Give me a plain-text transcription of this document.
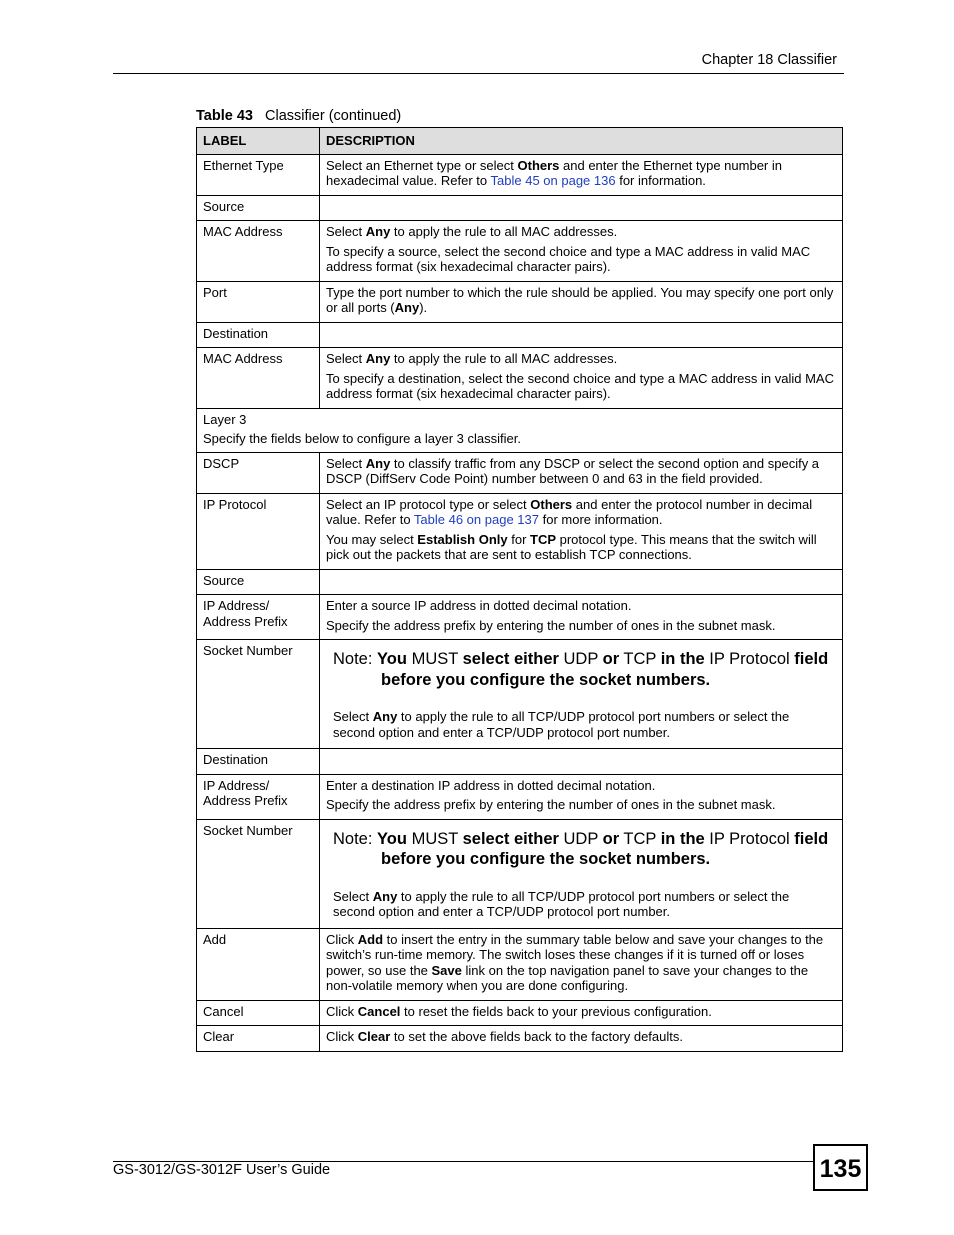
Chapter 18 Classifier
Table 43 Classifier (continued)
LABEL	DESCRIPTION
Ethernet Type	Select an Ethernet type or select Others and enter the Ethernet type number in hexadecimal value. Refer to Table 45 on page 136 for information.
Source	
MAC Address	Select Any to apply the rule to all MAC addresses.

To specify a source, select the second choice and type a MAC address in valid MAC address format (six hexadecimal character pairs).

Port	Type the port number to which the rule should be applied. You may specify one port only or all ports (Any).
Destination	
MAC Address	Select Any to apply the rule to all MAC addresses.

To specify a destination, select the second choice and type a MAC address in valid MAC address format (six hexadecimal character pairs).

Layer 3

Specify the fields below to configure a layer 3 classifier.	

DSCP	Select Any to classify traffic from any DSCP or select the second option and specify a DSCP (DiffServ Code Point) number between 0 and 63 in the field provided.
IP Protocol	Select an IP protocol type or select Others and enter the protocol number in decimal value. Refer to Table 46 on page 137 for more information.

You may select Establish Only for TCP protocol type. This means that the switch will pick out the packets that are sent to establish TCP connections.

Source	
IP Address/ Address Prefix	Enter a source IP address in dotted decimal notation.

Specify the address prefix by entering the number of ones in the subnet mask.

Socket Number	Note: You MUST select either UDP or TCP in the IP Protocol field before you configure the socket numbers.

Select Any to apply the rule to all TCP/UDP protocol port numbers or select the second option and enter a TCP/UDP protocol port number.

Destination	
IP Address/ Address Prefix	Enter a destination IP address in dotted decimal notation.

Specify the address prefix by entering the number of ones in the subnet mask.

Socket Number	Note: You MUST select either UDP or TCP in the IP Protocol field before you configure the socket numbers.

Select Any to apply the rule to all TCP/UDP protocol port numbers or select the second option and enter a TCP/UDP protocol port number.

Add	Click Add to insert the entry in the summary table below and save your changes to the switch’s run-time memory. The switch loses these changes if it is turned off or loses power, so use the Save link on the top navigation panel to save your changes to the non-volatile memory when you are done configuring.
Cancel	Click Cancel to reset the fields back to your previous configuration.
Clear	Click Clear to set the above fields back to the factory defaults.
GS-3012/GS-3012F User’s Guide	135
